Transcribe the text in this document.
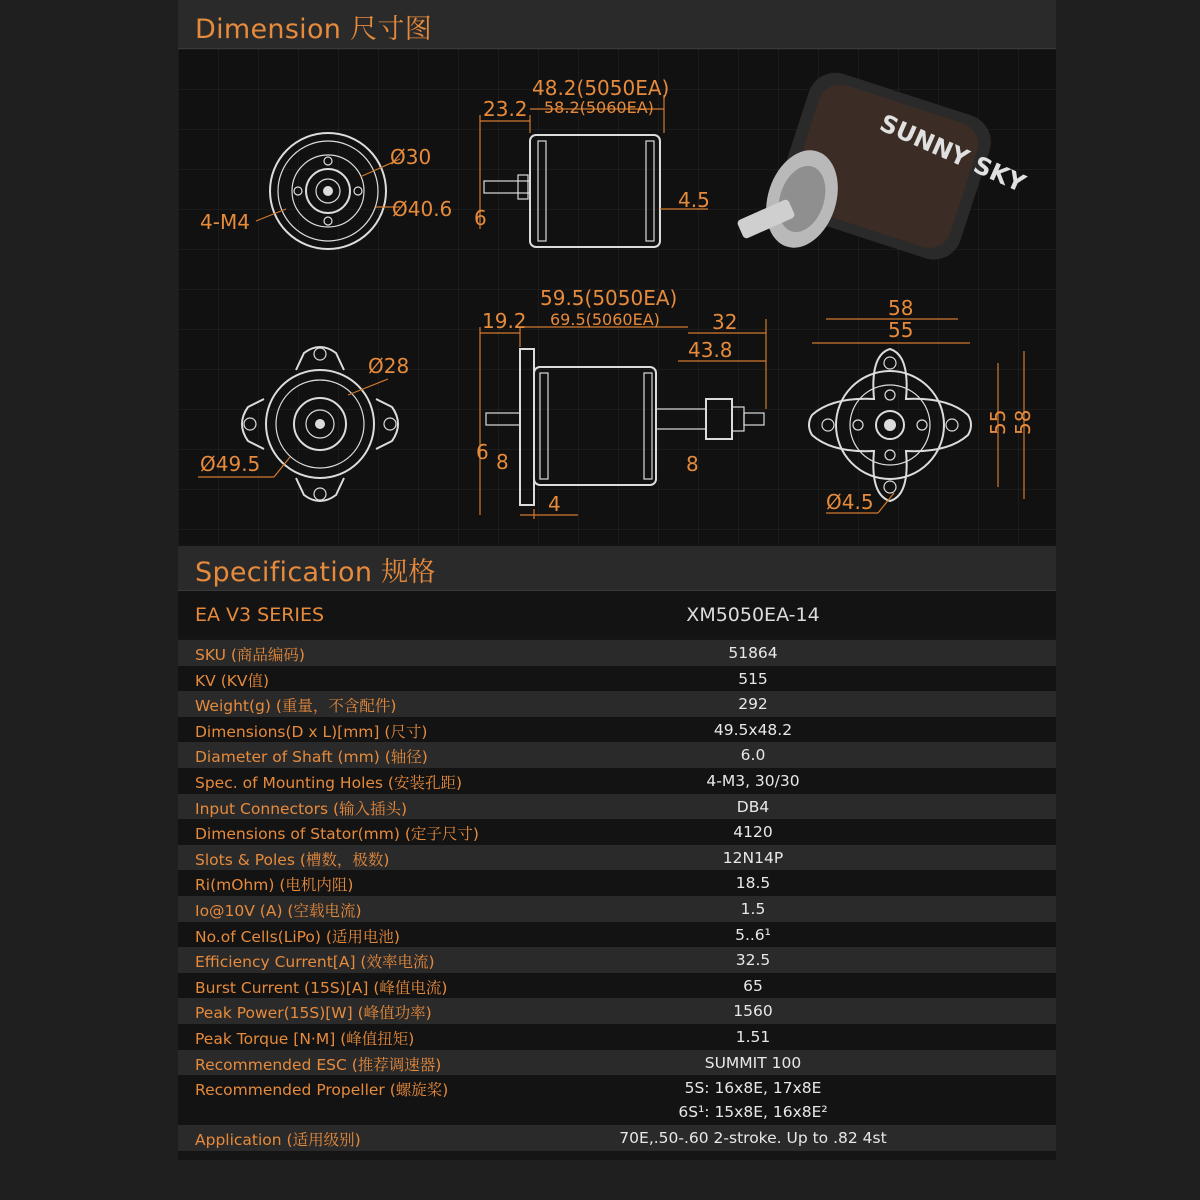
Dimension 尺寸图
Ø30
Ø40.6
4-M4
48.2(5050EA)
58.2(5060EA)
23.2
6
4.5
SUNNY SKY
Ø28
Ø49.5
59.5(5050EA)
69.5(5060EA)
19.2	32
43.8
6 8	8
4
58
55
55 58
Ø4.5
Specification 规格
EA V3 SERIES	XM5050EA-14
SKU (商品编码)	51864
KV (KV值)	515
Weight(g) (重量，不含配件)	292
Dimensions(D x L)[mm] (尺寸)	49.5x48.2
Diameter of Shaft (mm) (轴径)	6.0
Spec. of Mounting Holes (安装孔距)	4-M3, 30/30
Input Connectors (输入插头)	DB4
Dimensions of Stator(mm) (定子尺寸)	4120
Slots & Poles (槽数，极数)	12N14P
Ri(mOhm) (电机内阻)	18.5
Io@10V (A) (空载电流)	1.5
No.of Cells(LiPo) (适用电池)	5..6¹
Efficiency Current[A] (效率电流)	32.5
Burst Current (15S)[A] (峰值电流)	65
Peak Power(15S)[W] (峰值功率)	1560
Peak Torque [N·M] (峰值扭矩)	1.51
Recommended ESC (推荐调速器)	SUMMIT 100
Recommended Propeller (螺旋桨)	5S: 16x8E, 17x8E
6S¹: 15x8E, 16x8E²
Application (适用级别)	70E,.50-.60 2-stroke. Up to .82 4st
